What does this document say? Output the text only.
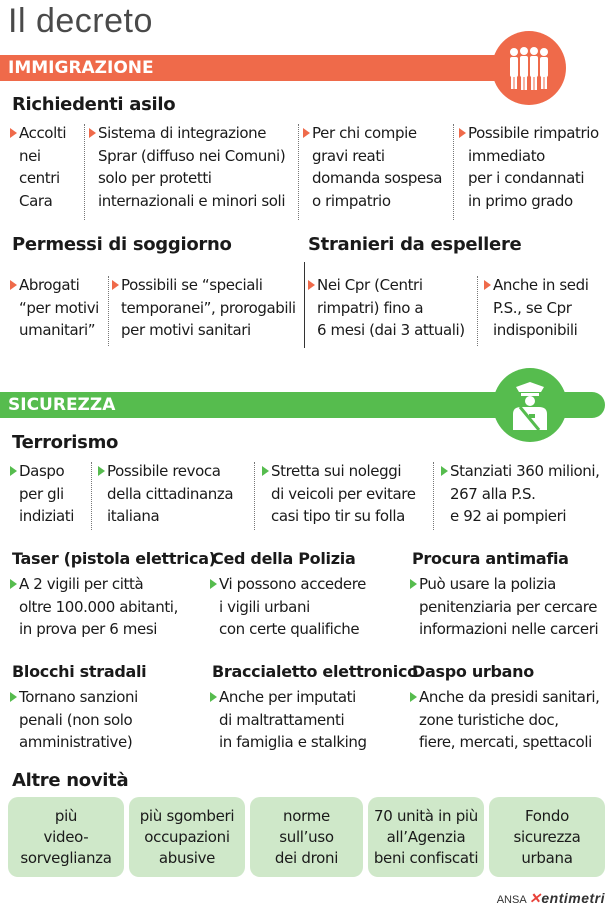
Il decreto
IMMIGRAZIONE
Richiedenti asilo
Accolti
nei
centri
Cara
Sistema di integrazione
Sprar (diffuso nei Comuni)
solo per protetti
internazionali e minori soli
Per chi compie
gravi reati
domanda sospesa
o rimpatrio
Possibile rimpatrio
immediato
per i condannati
in primo grado
Permessi di soggiorno	Stranieri da espellere
Abrogati
“per motivi
umanitari”
Possibili se “speciali
temporanei”, prorogabili
per motivi sanitari
Nei Cpr (Centri
rimpatri) fino a
6 mesi (dai 3 attuali)
Anche in sedi
P.S., se Cpr
indisponibili
SICUREZZA
Terrorismo
Daspo
per gli
indiziati
Possibile revoca
della cittadinanza
italiana
Stretta sui noleggi
di veicoli per evitare
casi tipo tir su folla
Stanziati 360 milioni,
267 alla P.S.
e 92 ai pompieri
Taser (pistola elettrica)
A 2 vigili per città
oltre 100.000 abitanti,
in prova per 6 mesi
Ced della Polizia
Vi possono accedere
i vigili urbani
con certe qualifiche
Procura antimafia
Può usare la polizia
penitenziaria per cercare
informazioni nelle carceri
Blocchi stradali
Tornano sanzioni
penali (non solo
amministrative)
Braccialetto elettronico
Anche per imputati
di maltrattamenti
in famiglia e stalking
Daspo urbano
Anche da presidi sanitari,
zone turistiche doc,
fiere, mercati, spettacoli
Altre novità
più
video-
sorveglianza
più sgomberi
occupazioni
abusive
norme
sull’uso
dei droni
70 unità in più
all’Agenzia
beni confiscati
Fondo
sicurezza
urbana
ANSA ✕entimetri
